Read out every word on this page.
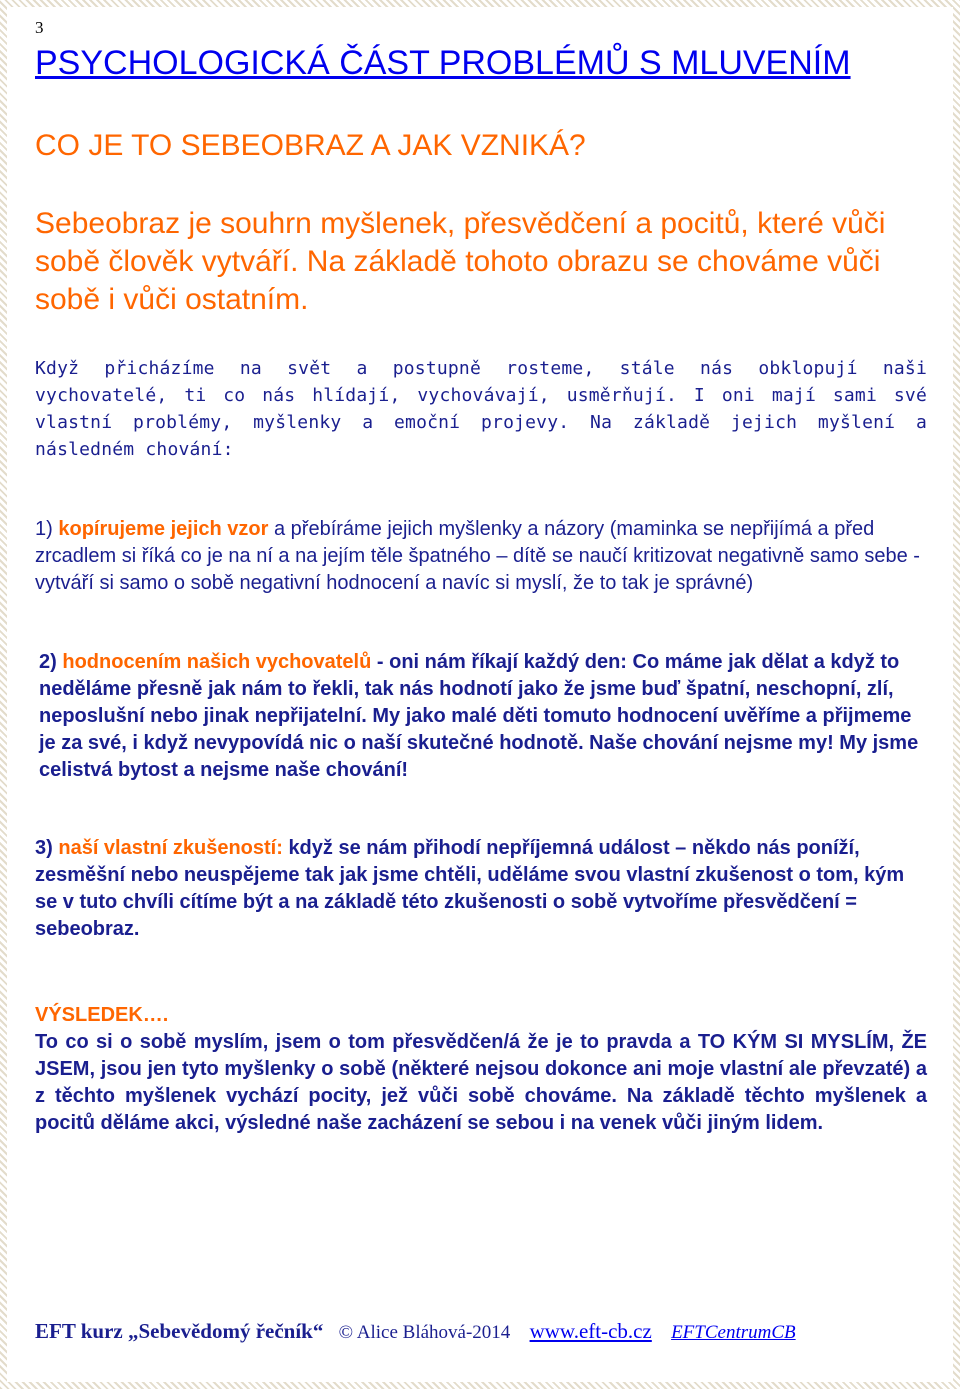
3
PSYCHOLOGICKÁ ČÁST PROBLÉMŮ S MLUVENÍM
CO JE TO SEBEOBRAZ A JAK VZNIKÁ?
Sebeobraz je souhrn myšlenek, přesvědčení a pocitů, které vůči sobě člověk vytváří. Na základě tohoto obrazu se chováme vůči sobě i vůči ostatním.
Když přicházíme na svět a postupně rosteme, stále nás obklopují naši vychovatelé, ti co nás hlídají, vychovávají, usměrňují. I oni mají sami své vlastní problémy, myšlenky a emoční projevy. Na základě jejich myšlení a následném chování:
1) kopírujeme jejich vzor a přebíráme jejich myšlenky a názory (maminka se nepřijímá a před zrcadlem si říká co je na ní a na jejím těle špatného – dítě se naučí kritizovat negativně samo sebe - vytváří si samo o sobě negativní hodnocení a navíc si myslí, že to tak je správné)
2) hodnocením našich vychovatelů - oni nám říkají každý den: Co máme jak dělat a když to neděláme přesně jak nám to řekli, tak nás hodnotí jako že jsme buď špatní, neschopní, zlí, neposlušní nebo jinak nepřijatelní. My jako malé děti tomuto hodnocení uvěříme a přijmeme je za své, i když nevypovídá nic o naší skutečné hodnotě. Naše chování nejsme my! My jsme celistvá bytost a nejsme naše chování!
3) naší vlastní zkušeností: když se nám přihodí nepříjemná událost – někdo nás poníží, zesměšní nebo neuspějeme tak jak jsme chtěli, uděláme svou vlastní zkušenost o tom, kým se v tuto chvíli cítíme být a na základě této zkušenosti o sobě vytvoříme přesvědčení = sebeobraz.
VÝSLEDEK….
To co si o sobě myslím, jsem o tom přesvědčen/á že je to pravda a TO KÝM SI MYSLÍM, ŽE JSEM, jsou jen tyto myšlenky o sobě (některé nejsou dokonce ani moje vlastní ale převzaté) a z těchto myšlenek vychází pocity, jež vůči sobě chováme. Na základě těchto myšlenek a pocitů děláme akci, výsledné naše zacházení se sebou i na venek vůči jiným lidem.
EFT kurz „Sebevědomý řečník“ © Alice Bláhová-2014 www.eft-cb.cz EFTCentrumCB
